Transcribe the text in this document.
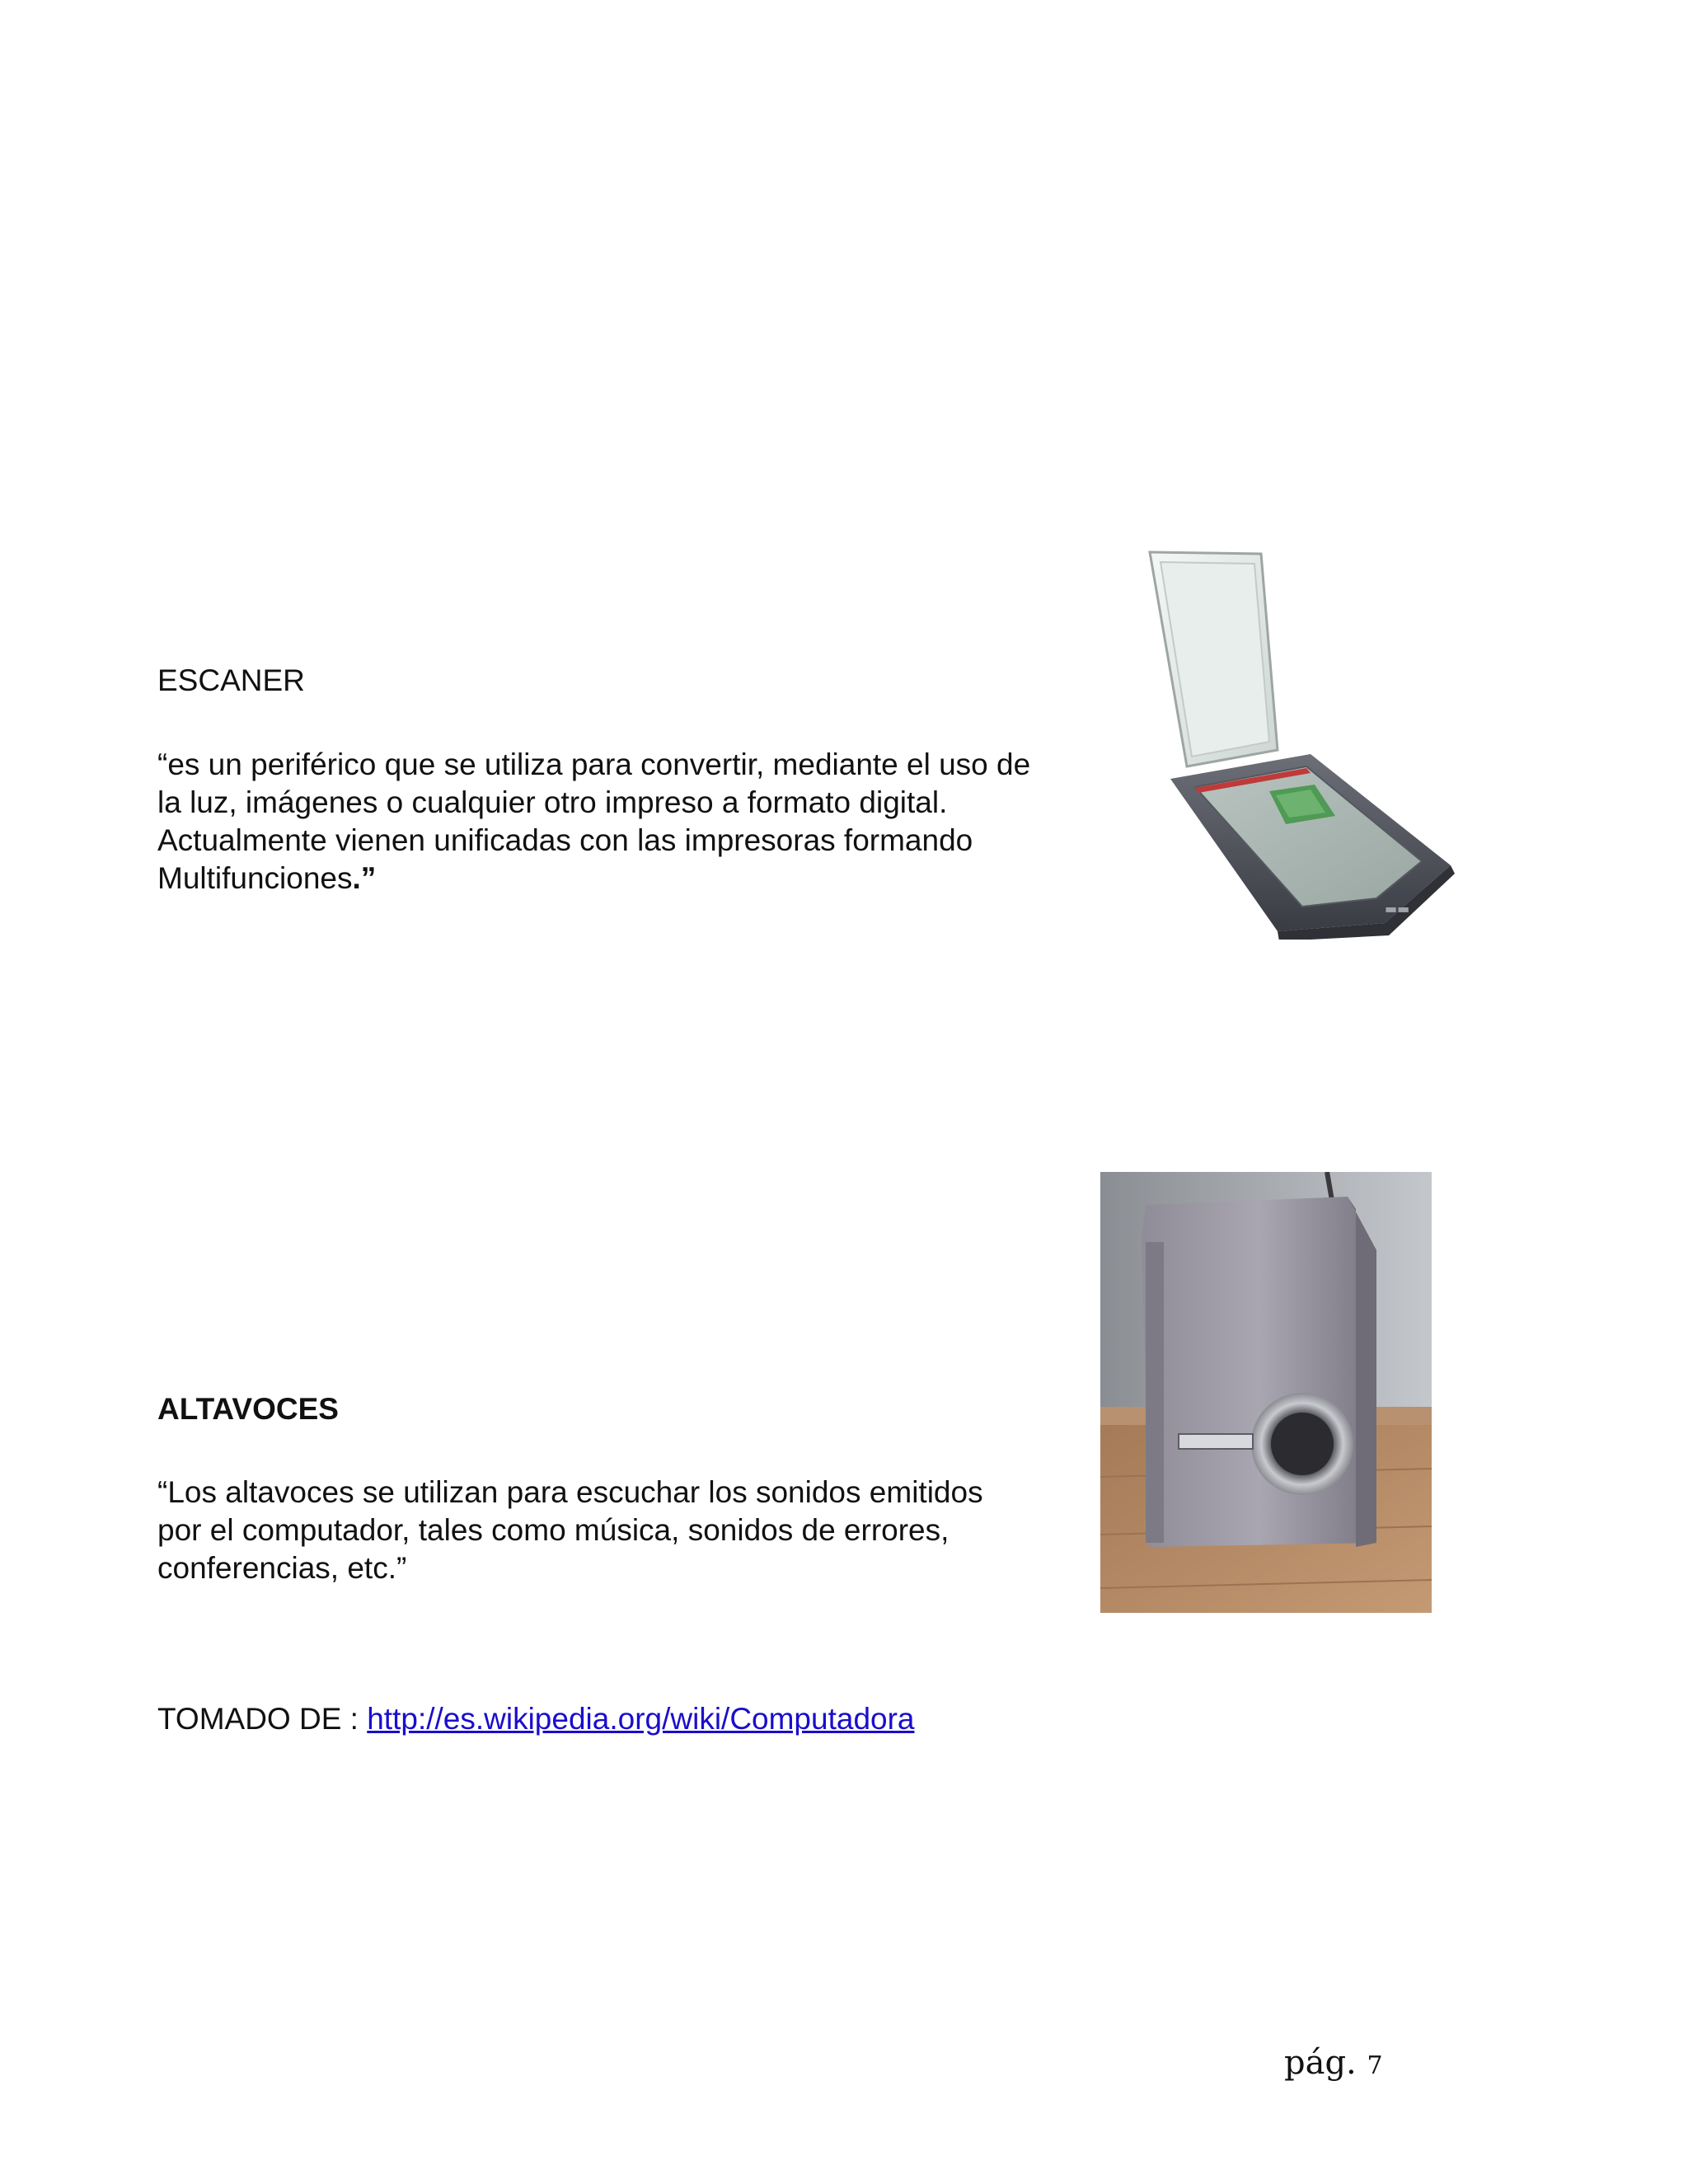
ESCANER

“es un periférico que se utiliza para convertir, mediante el uso de
la luz, imágenes o cualquier otro impreso a formato digital.
Actualmente vienen unificadas con las impresoras formando
Multifunciones.”
▬▬

ALTAVOCES

“Los altavoces se utilizan para escuchar los sonidos emitidos
por el computador, tales como música, sonidos de errores,
conferencias, etc.”

TOMADO DE : http://es.wikipedia.org/wiki/Computadora

pág. 7
